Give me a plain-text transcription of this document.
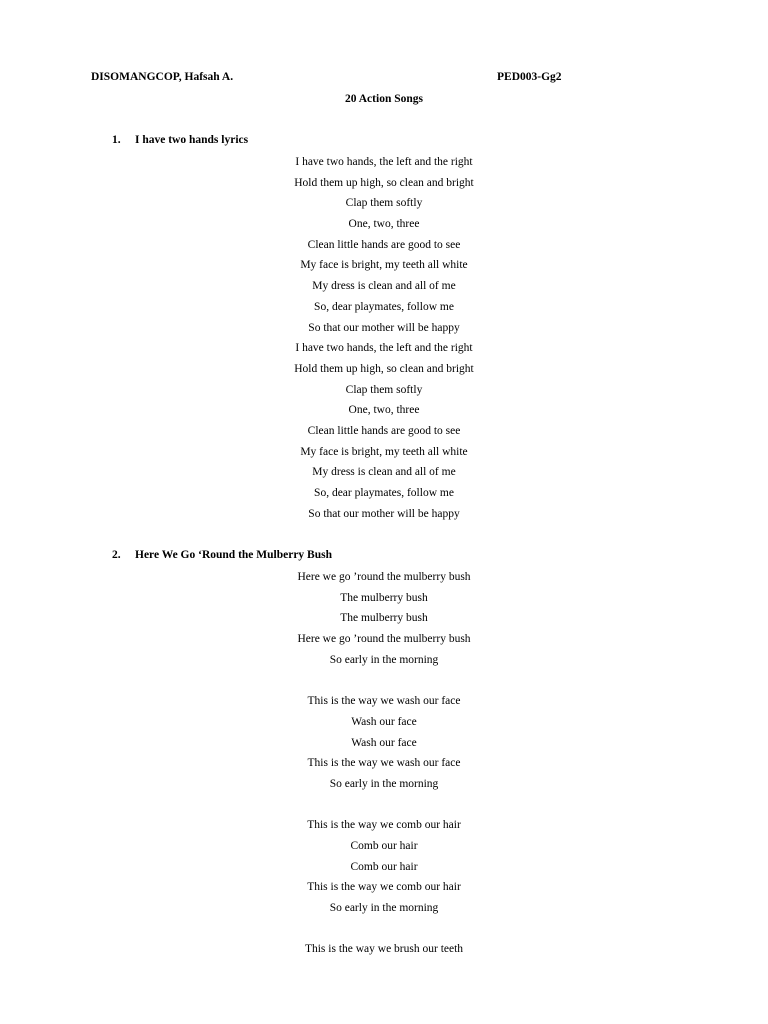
DISOMANGCOP, Hafsah A.	PED003-Gg2
20 Action Songs
1. I have two hands lyrics
I have two hands, the left and the right
Hold them up high, so clean and bright
Clap them softly
One, two, three
Clean little hands are good to see
My face is bright, my teeth all white
My dress is clean and all of me
So, dear playmates, follow me
So that our mother will be happy
I have two hands, the left and the right
Hold them up high, so clean and bright
Clap them softly
One, two, three
Clean little hands are good to see
My face is bright, my teeth all white
My dress is clean and all of me
So, dear playmates, follow me
So that our mother will be happy
2. Here We Go ‘Round the Mulberry Bush
Here we go ’round the mulberry bush
The mulberry bush
The mulberry bush
Here we go ’round the mulberry bush
So early in the morning
This is the way we wash our face
Wash our face
Wash our face
This is the way we wash our face
So early in the morning
This is the way we comb our hair
Comb our hair
Comb our hair
This is the way we comb our hair
So early in the morning
This is the way we brush our teeth
